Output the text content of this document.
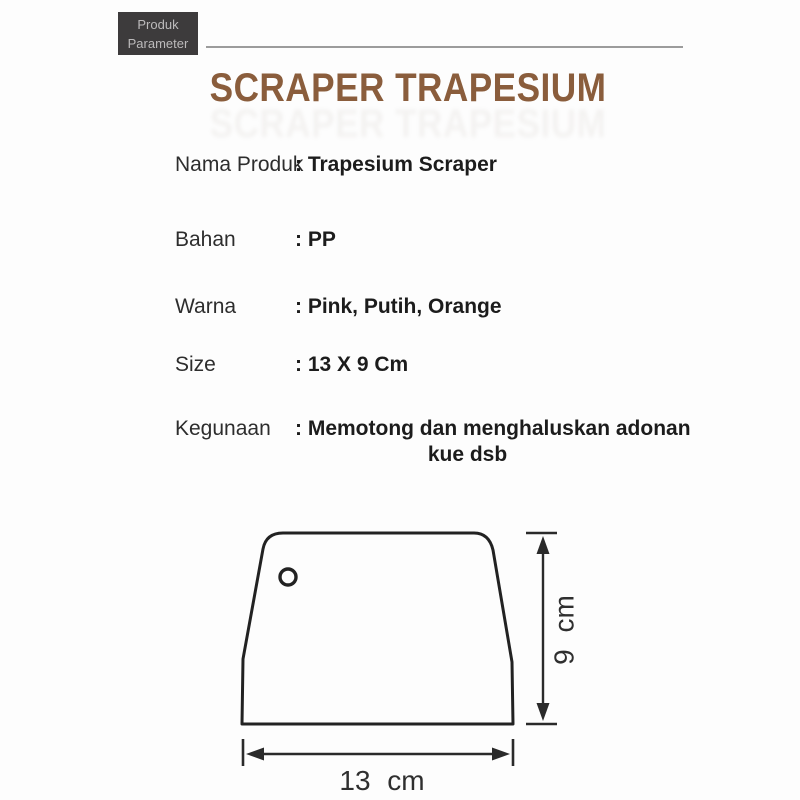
Produk
Parameter
SCRAPER TRAPESIUM
SCRAPER TRAPESIUM
Nama Produk
: Trapesium Scraper
Bahan	: PP
Warna	: Pink, Putih, Orange
Size	: 13 X 9 Cm
Kegunaan : Memotong dan menghaluskan adonan
kue dsb
9 cm
13 cm
